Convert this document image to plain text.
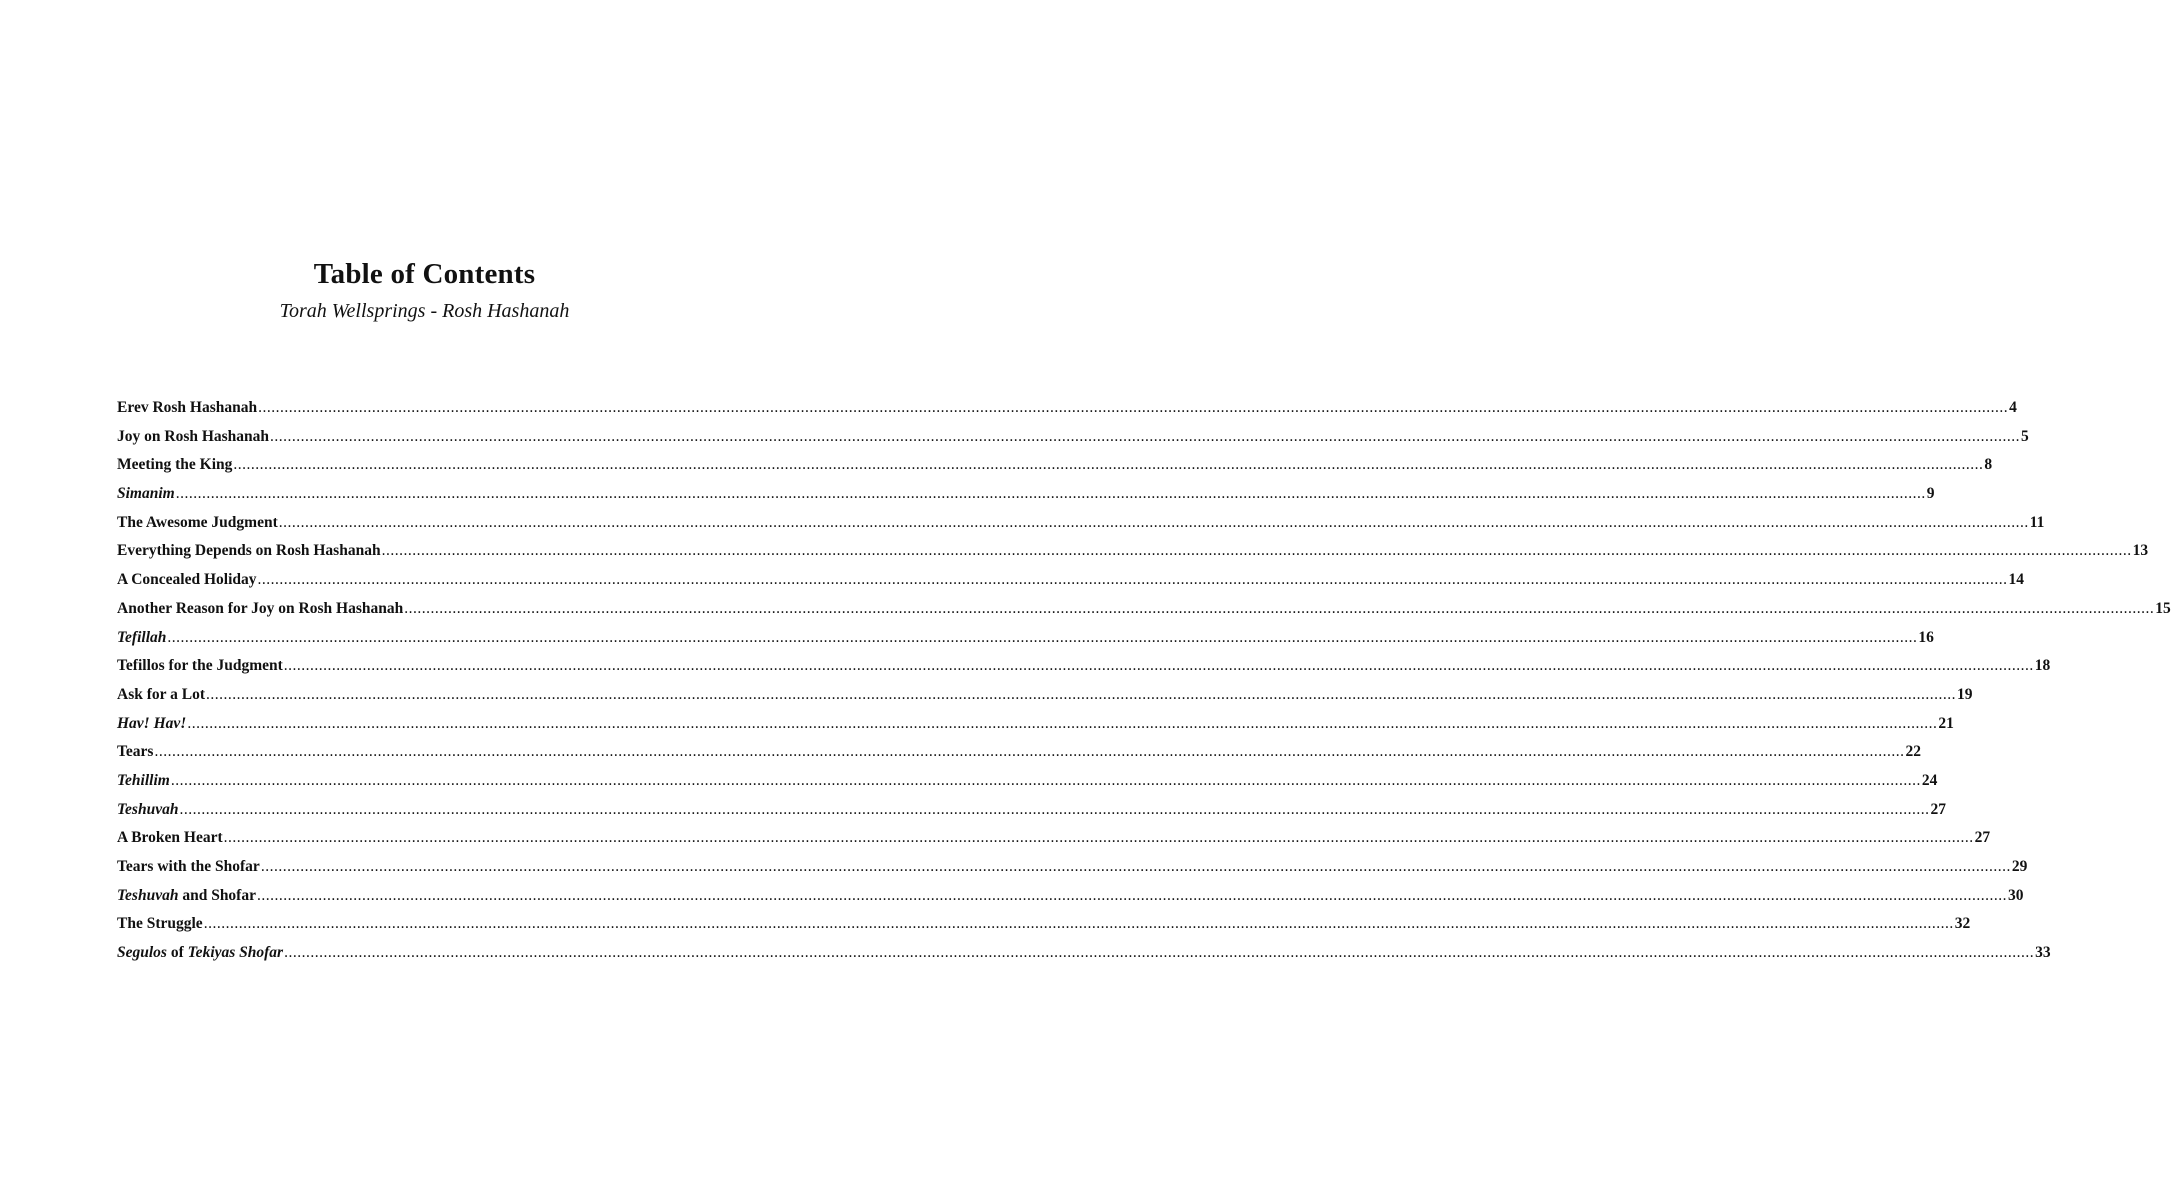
Table of Contents
Torah Wellsprings - Rosh Hashanah
Erev Rosh Hashanah ................................................................................................................................................................................................................................................................................................................................................................................................................ 4
Joy on Rosh Hashanah ................................................................................................................................................................................................................................................................................................................................................................................................................ 5
Meeting the King ................................................................................................................................................................................................................................................................................................................................................................................................................ 8
Simanim ................................................................................................................................................................................................................................................................................................................................................................................................................ 9
The Awesome Judgment ................................................................................................................................................................................................................................................................................................................................................................................................................ 11
Everything Depends on Rosh Hashanah ................................................................................................................................................................................................................................................................................................................................................................................................................ 13
A Concealed Holiday ................................................................................................................................................................................................................................................................................................................................................................................................................ 14
Another Reason for Joy on Rosh Hashanah ................................................................................................................................................................................................................................................................................................................................................................................................................ 15
Tefillah ................................................................................................................................................................................................................................................................................................................................................................................................................ 16
Tefillos for the Judgment ................................................................................................................................................................................................................................................................................................................................................................................................................ 18
Ask for a Lot ................................................................................................................................................................................................................................................................................................................................................................................................................ 19
Hav! Hav! ................................................................................................................................................................................................................................................................................................................................................................................................................ 21
Tears ................................................................................................................................................................................................................................................................................................................................................................................................................ 22
Tehillim ................................................................................................................................................................................................................................................................................................................................................................................................................ 24
Teshuvah ................................................................................................................................................................................................................................................................................................................................................................................................................ 27
A Broken Heart ................................................................................................................................................................................................................................................................................................................................................................................................................ 27
Tears with the Shofar ................................................................................................................................................................................................................................................................................................................................................................................................................ 29
Teshuvah and Shofar ................................................................................................................................................................................................................................................................................................................................................................................................................ 30
The Struggle ................................................................................................................................................................................................................................................................................................................................................................................................................ 32
Segulos of Tekiyas Shofar ................................................................................................................................................................................................................................................................................................................................................................................................................ 33
